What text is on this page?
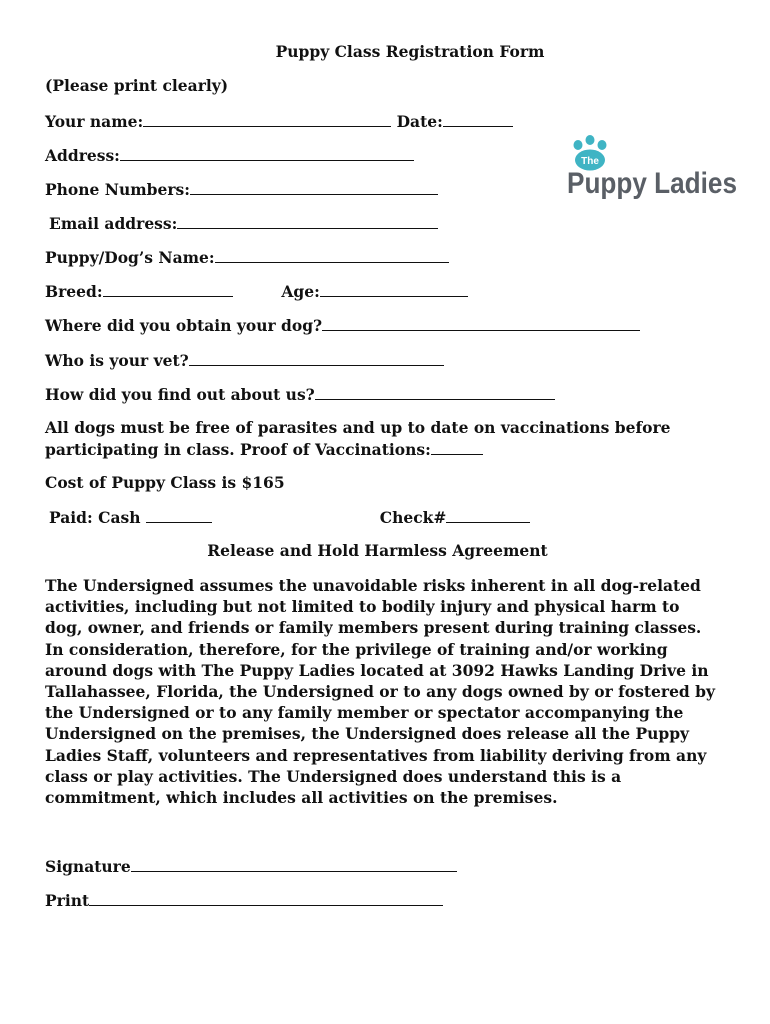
Puppy Class Registration Form
(Please print clearly)
Your name:	Date:
Address:
Phone Numbers:
Email address:
Puppy/Dog’s Name:
Breed:	Age:
Where did you obtain your dog?
Who is your vet?
How did you find out about us?
All dogs must be free of parasites and up to date on vaccinations before
participating in class. Proof of Vaccinations:
Cost of Puppy Class is $165
Paid: Cash	Check#
Release and Hold Harmless Agreement
The Undersigned assumes the unavoidable risks inherent in all dog-related activities, including but not limited to bodily injury and physical harm to dog, owner, and friends or family members present during training classes. In consideration, therefore, for the privilege of training and/or working around dogs with The Puppy Ladies located at 3092 Hawks Landing Drive in Tallahassee, Florida, the Undersigned or to any dogs owned by or fostered by the Undersigned or to any family member or spectator accompanying the Undersigned on the premises, the Undersigned does release all the Puppy Ladies Staff, volunteers and representatives from liability deriving from any class or play activities. The Undersigned does understand this is a commitment, which includes all activities on the premises.
Signature
Print
The
Puppy Ladies
